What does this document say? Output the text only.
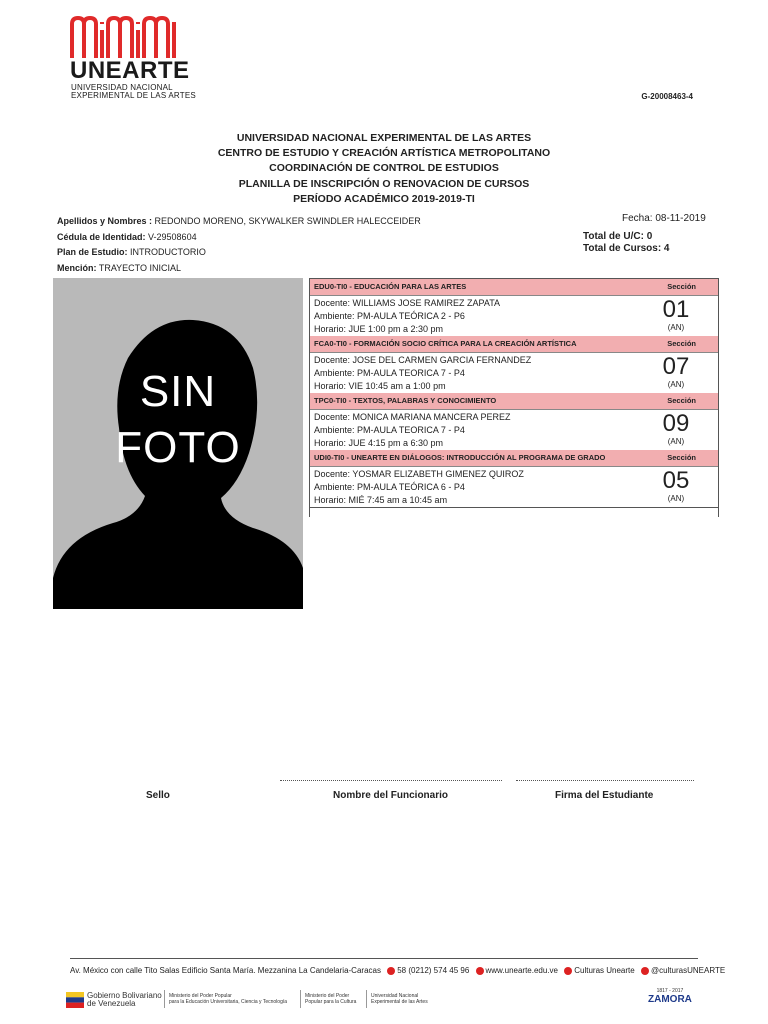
UNEARTE
UNIVERSIDAD NACIONAL
EXPERIMENTAL DE LAS ARTES	G-20008463-4
UNIVERSIDAD NACIONAL EXPERIMENTAL DE LAS ARTES
CENTRO DE ESTUDIO Y CREACIÓN ARTÍSTICA METROPOLITANO
COORDINACIÓN DE CONTROL DE ESTUDIOS
PLANILLA DE INSCRIPCIÓN O RENOVACION DE CURSOS
PERÍODO ACADÉMICO 2019-2019-TI
Fecha: 08-11-2019
Total de U/C: 0
Total de Cursos: 4
Apellidos y Nombres : REDONDO MORENO, SKYWALKER SWINDLER HALECCEIDER
Cédula de Identidad: V-29508604
Plan de Estudio: INTRODUCTORIO
Mención: TRAYECTO INICIAL
SIN
FOTO
EDU0-TI0 - EDUCACIÓN PARA LAS ARTES	Sección
Docente: WILLIAMS JOSE RAMIREZ ZAPATA
Ambiente: PM-AULA TEÓRICA 2 - P6
Horario: JUE 1:00 pm a 2:30 pm
01
(AN)
FCA0-TI0 - FORMACIÓN SOCIO CRÍTICA PARA LA CREACIÓN ARTÍSTICA	Sección
Docente: JOSE DEL CARMEN GARCIA FERNANDEZ
Ambiente: PM-AULA TEORICA 7 - P4
Horario: VIE 10:45 am a 1:00 pm
07
(AN)
TPC0-TI0 - TEXTOS, PALABRAS Y CONOCIMIENTO	Sección
Docente: MONICA MARIANA MANCERA PEREZ
Ambiente: PM-AULA TEORICA 7 - P4
Horario: JUE 4:15 pm a 6:30 pm
09
(AN)
UDI0-TI0 - UNEARTE EN DIÁLOGOS: INTRODUCCIÓN AL PROGRAMA DE GRADO	Sección
Docente: YOSMAR ELIZABETH GIMENEZ QUIROZ
Ambiente: PM-AULA TEÓRICA 6 - P4
Horario: MIÉ 7:45 am a 10:45 am
05
(AN)
Sello	Nombre del Funcionario	Firma del Estudiante
Av. México con calle Tito Salas Edificio Santa María. Mezzanina La Candelaria-Caracas 58 (0212) 574 45 96 www.unearte.edu.ve Culturas Unearte @culturasUNEARTE
Gobierno Bolivariano
de Venezuela
Ministerio del Poder Popular
para la Educación Universitaria, Ciencia y Tecnología
Ministerio del Poder
Popular para la Cultura
Universidad Nacional
Experimental de las Artes
1817 - 2017
ZAMORA
